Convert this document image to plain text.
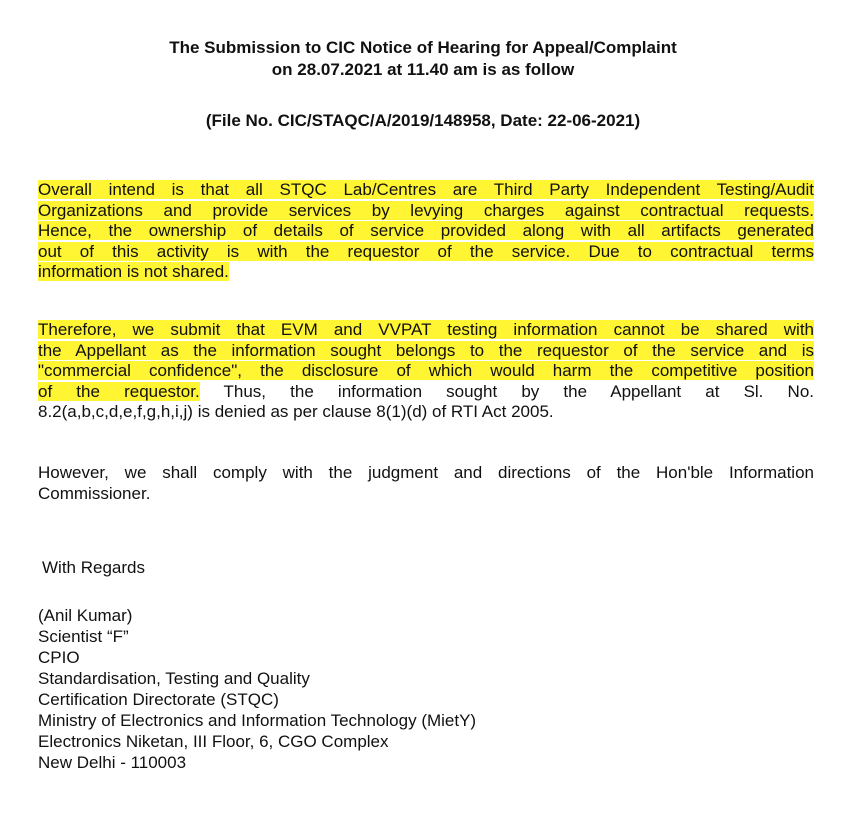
The Submission to CIC Notice of Hearing for Appeal/Complaint
on 28.07.2021 at 11.40 am is as follow
(File No. CIC/STAQC/A/2019/148958, Date: 22-06-2021)
Overall intend is that all STQC Lab/Centres are Third Party Independent Testing/Audit
Organizations and provide services by levying charges against contractual requests.
Hence, the ownership of details of service provided along with all artifacts generated
out of this activity is with the requestor of the service. Due to contractual terms
information is not shared.
Therefore, we submit that EVM and VVPAT testing information cannot be shared with
the Appellant as the information sought belongs to the requestor of the service and is
"commercial confidence", the disclosure of which would harm the competitive position
of the requestor. Thus, the information sought by the Appellant at Sl. No.
8.2(a,b,c,d,e,f,g,h,i,j) is denied as per clause 8(1)(d) of RTI Act 2005.
However, we shall comply with the judgment and directions of the Hon'ble Information
Commissioner.
With Regards
(Anil Kumar)
Scientist “F”
CPIO
Standardisation, Testing and Quality
Certification Directorate (STQC)
Ministry of Electronics and Information Technology (MietY)
Electronics Niketan, III Floor, 6, CGO Complex
New Delhi - 110003
